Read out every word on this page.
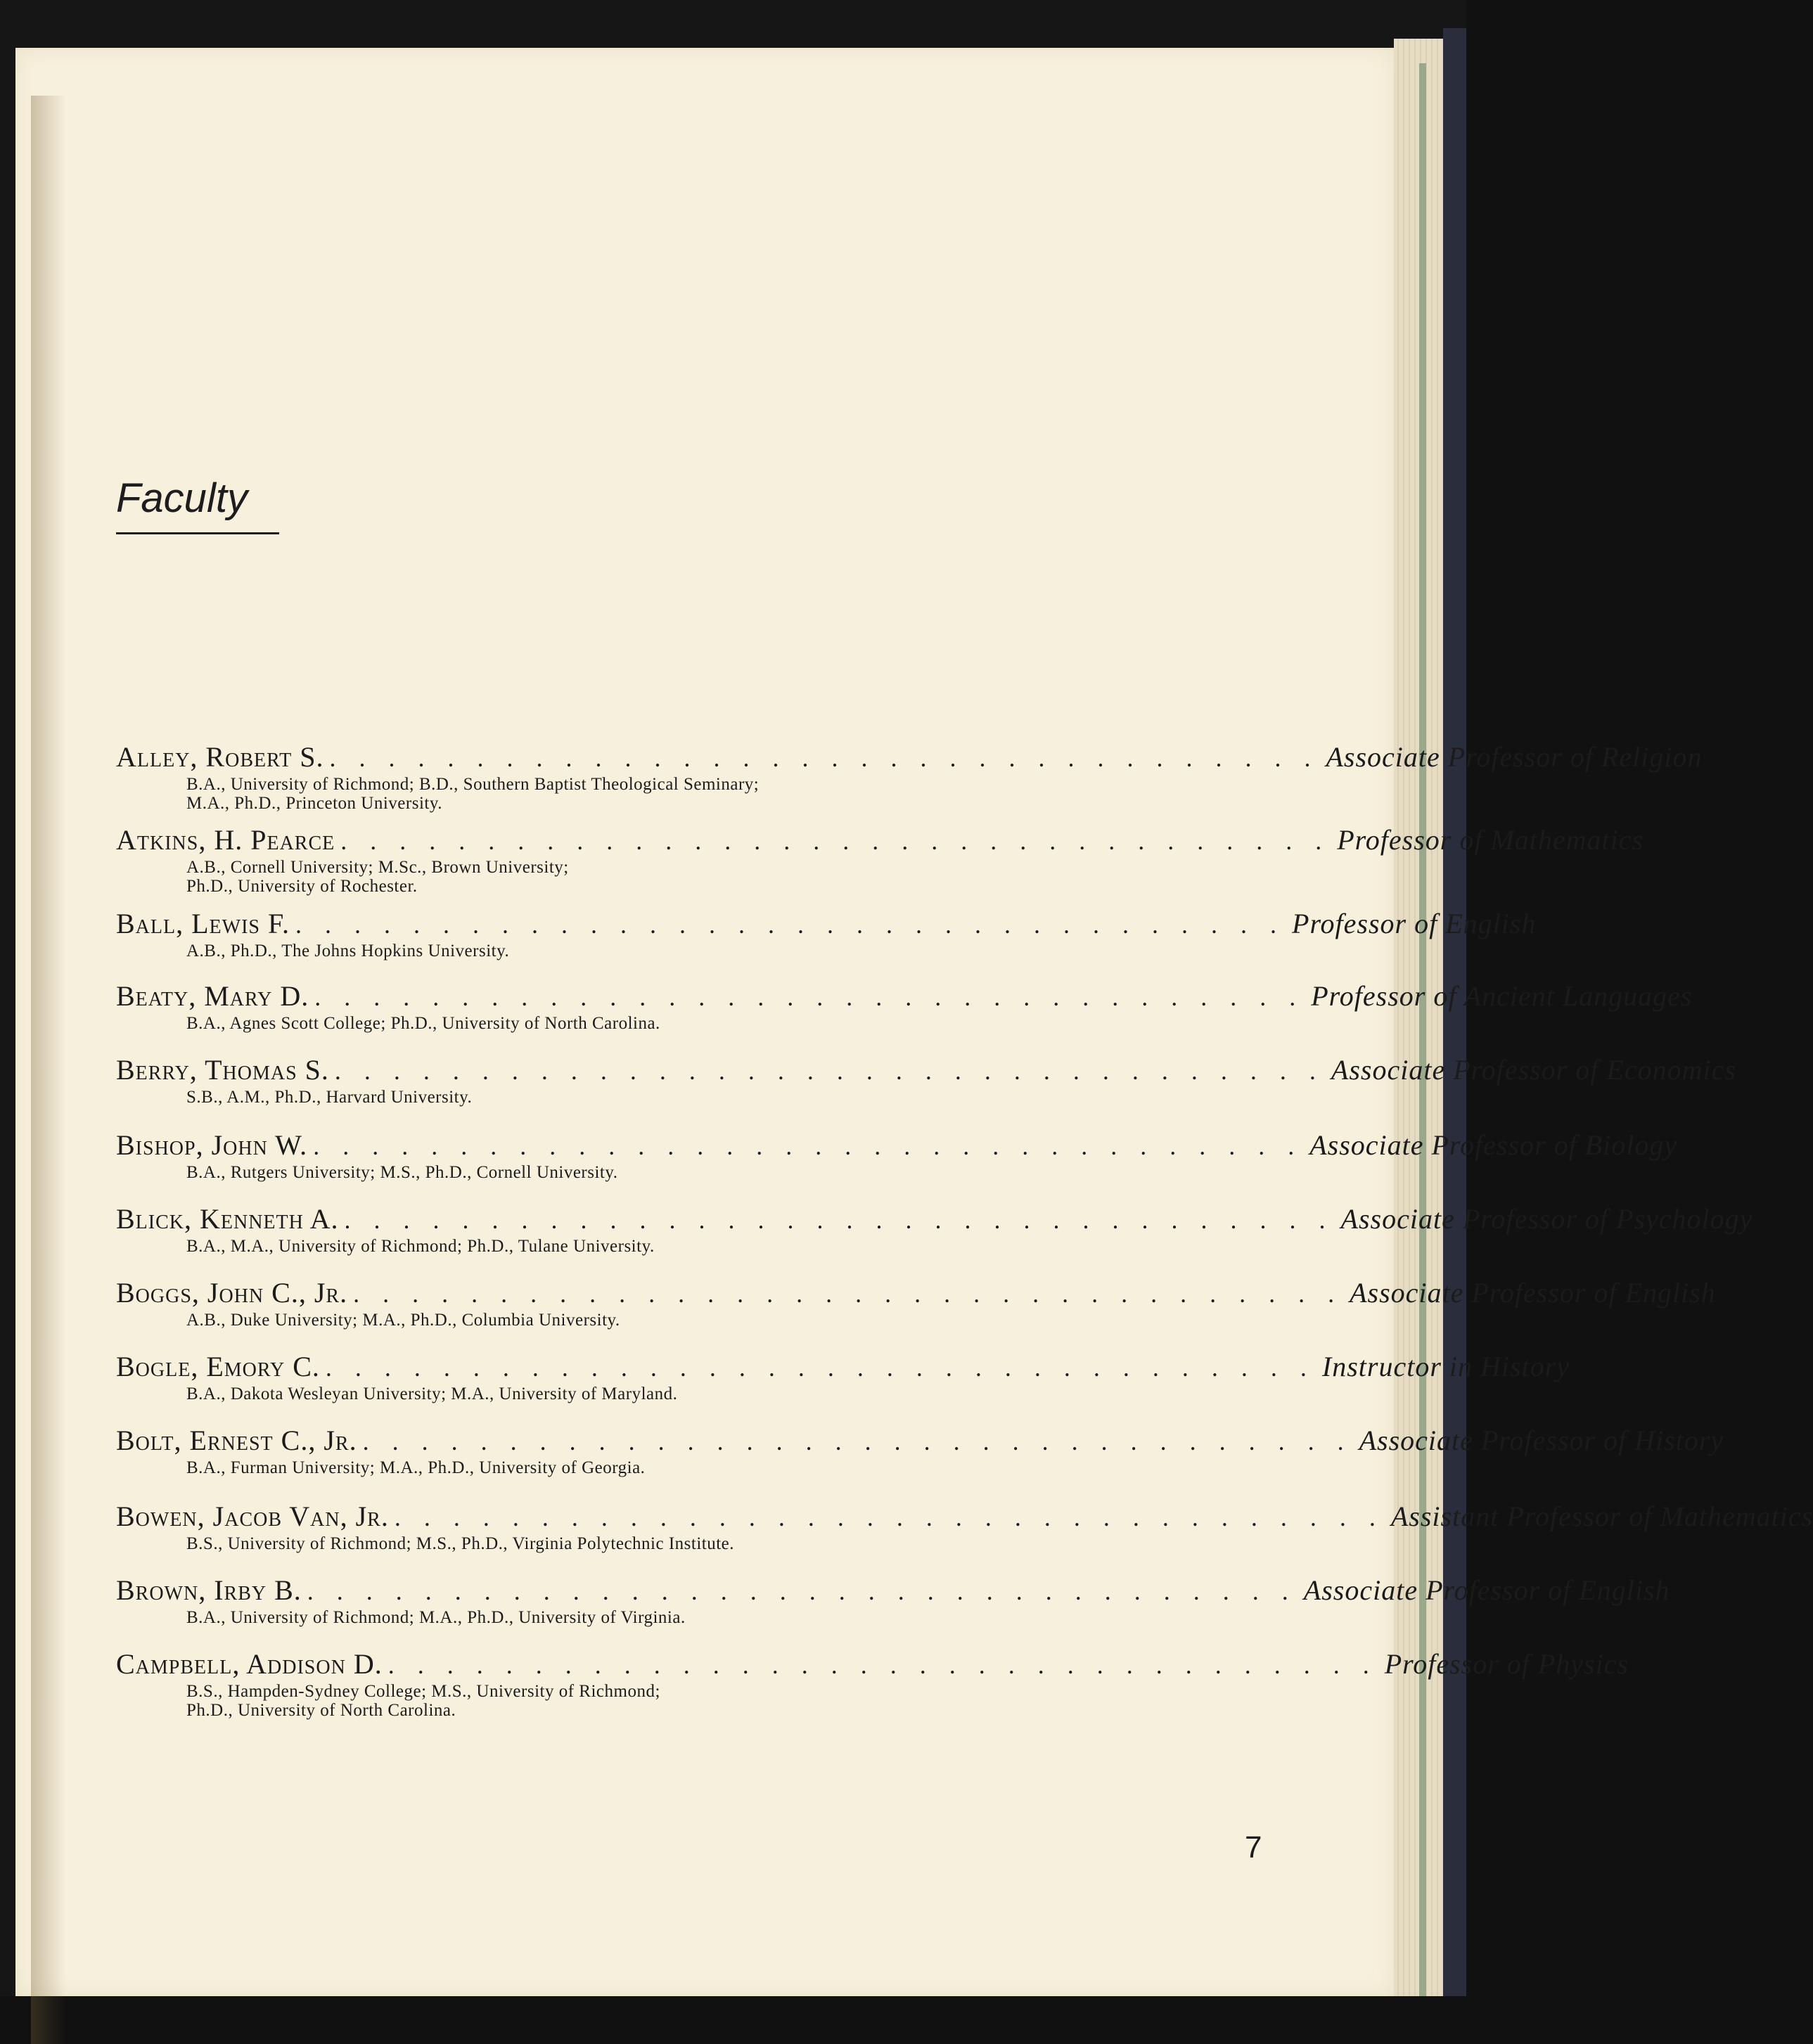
Faculty
Alley, Robert S. . . . . . . . . . . . . . . . . . . . . . . . . . . . . . . . . . . Associate Professor of Religion
B.A., University of Richmond; B.D., Southern Baptist Theological Seminary;
M.A., Ph.D., Princeton University.
Atkins, H. Pearce . . . . . . . . . . . . . . . . . . . . . . . . . . . . . . . . . . Professor of Mathematics
A.B., Cornell University; M.Sc., Brown University;
Ph.D., University of Rochester.
Ball, Lewis F. . . . . . . . . . . . . . . . . . . . . . . . . . . . . . . . . . . Professor of English
A.B., Ph.D., The Johns Hopkins University.
Beaty, Mary D. . . . . . . . . . . . . . . . . . . . . . . . . . . . . . . . . . . Professor of Ancient Languages
B.A., Agnes Scott College; Ph.D., University of North Carolina.
Berry, Thomas S. . . . . . . . . . . . . . . . . . . . . . . . . . . . . . . . . . . Associate Professor of Economics
S.B., A.M., Ph.D., Harvard University.
Bishop, John W. . . . . . . . . . . . . . . . . . . . . . . . . . . . . . . . . . . Associate Professor of Biology
B.A., Rutgers University; M.S., Ph.D., Cornell University.
Blick, Kenneth A. . . . . . . . . . . . . . . . . . . . . . . . . . . . . . . . . . . Associate Professor of Psychology
B.A., M.A., University of Richmond; Ph.D., Tulane University.
Boggs, John C., Jr. . . . . . . . . . . . . . . . . . . . . . . . . . . . . . . . . . . Associate Professor of English
A.B., Duke University; M.A., Ph.D., Columbia University.
Bogle, Emory C. . . . . . . . . . . . . . . . . . . . . . . . . . . . . . . . . . . Instructor in History
B.A., Dakota Wesleyan University; M.A., University of Maryland.
Bolt, Ernest C., Jr. . . . . . . . . . . . . . . . . . . . . . . . . . . . . . . . . . . Associate Professor of History
B.A., Furman University; M.A., Ph.D., University of Georgia.
Bowen, Jacob Van, Jr. . . . . . . . . . . . . . . . . . . . . . . . . . . . . . . . . . . Assistant Professor of Mathematics
B.S., University of Richmond; M.S., Ph.D., Virginia Polytechnic Institute.
Brown, Irby B. . . . . . . . . . . . . . . . . . . . . . . . . . . . . . . . . . . Associate Professor of English
B.A., University of Richmond; M.A., Ph.D., University of Virginia.
Campbell, Addison D. . . . . . . . . . . . . . . . . . . . . . . . . . . . . . . . . . . Professor of Physics
B.S., Hampden-Sydney College; M.S., University of Richmond;
Ph.D., University of North Carolina.
7
